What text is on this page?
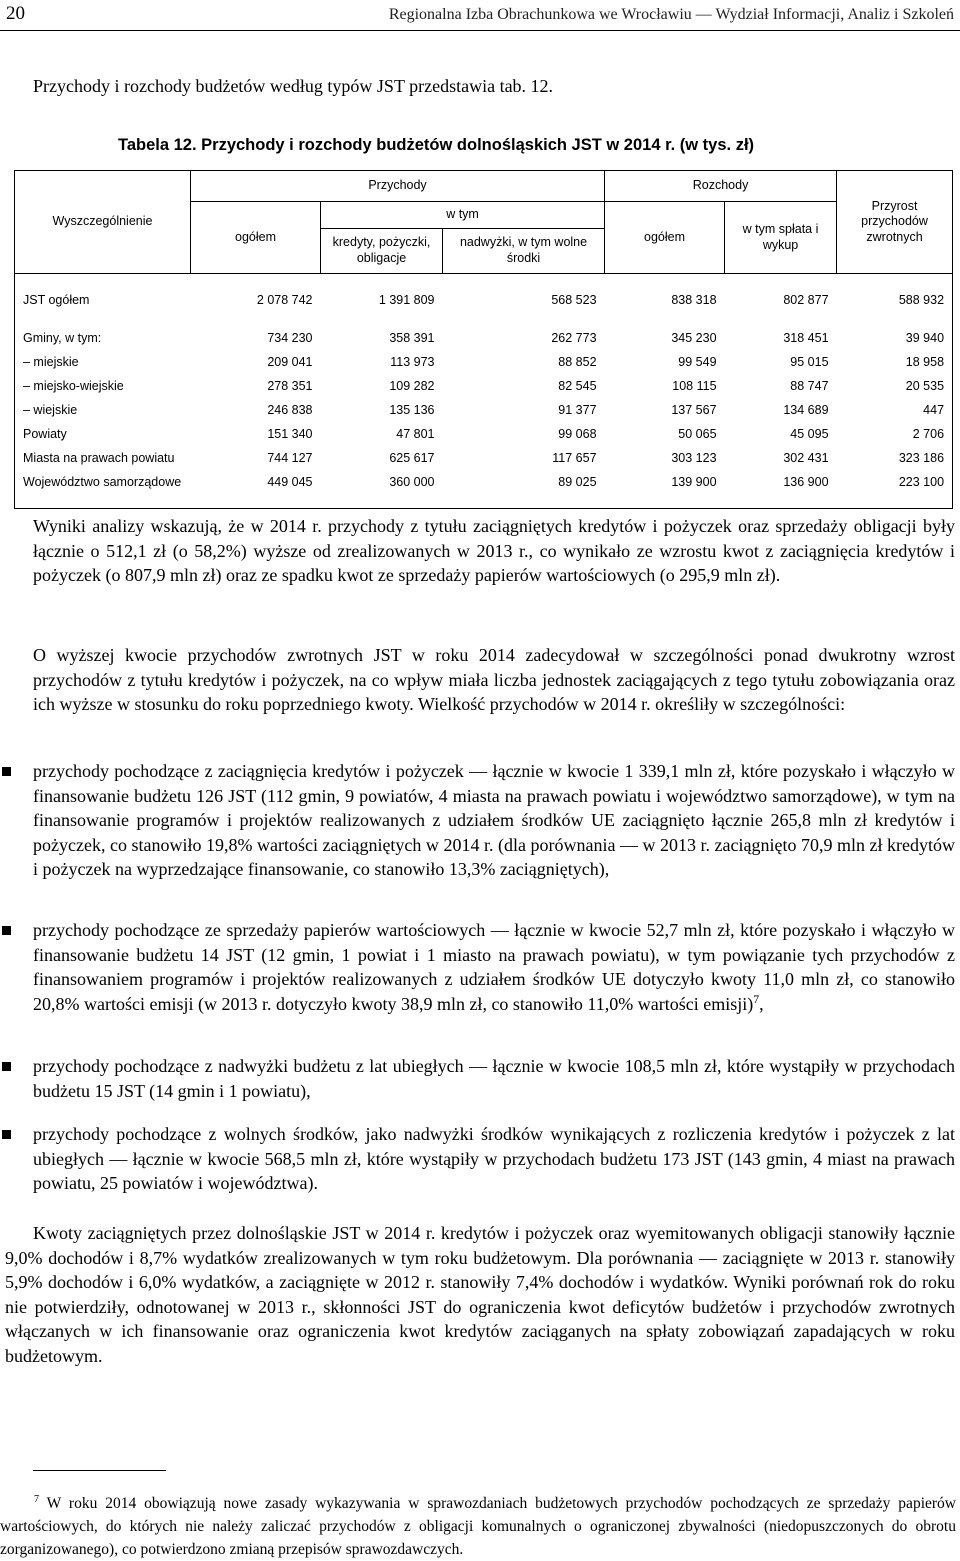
20	Regionalna Izba Obrachunkowa we Wrocławiu — Wydział Informacji, Analiz i Szkoleń
Przychody i rozchody budżetów według typów JST przedstawia tab. 12.
Tabela 12. Przychody i rozchody budżetów dolnośląskich JST w 2014 r. (w tys. zł)
Wyszczególnienie	Przychody			Rozchody		Przyrost przychodów zwrotnych
	ogółem	w tym		ogółem	w tym spłata i wykup	
		kredyty, pożyczki, obligacje	nadwyżki, w tym wolne środki			

JST ogółem	2 078 742	1 391 809	568 523	838 318	802 877	588 932

Gminy, w tym:	734 230	358 391	262 773	345 230	318 451	39 940
– miejskie	209 041	113 973	88 852	99 549	95 015	18 958
– miejsko-wiejskie	278 351	109 282	82 545	108 115	88 747	20 535
– wiejskie	246 838	135 136	91 377	137 567	134 689	447
Powiaty	151 340	47 801	99 068	50 065	45 095	2 706
Miasta na prawach powiatu	744 127	625 617	117 657	303 123	302 431	323 186
Województwo samorządowe	449 045	360 000	89 025	139 900	136 900	223 100

Wyniki analizy wskazują, że w 2014 r. przychody z tytułu zaciągniętych kredytów i pożyczek oraz sprzedaży obligacji były łącznie o 512,1 zł (o 58,2%) wyższe od zrealizowanych w 2013 r., co wynikało ze wzrostu kwot z zaciągnięcia kredytów i pożyczek (o 807,9 mln zł) oraz ze spadku kwot ze sprzedaży papierów wartościowych (o 295,9 mln zł).
O wyższej kwocie przychodów zwrotnych JST w roku 2014 zadecydował w szczególności ponad dwukrotny wzrost przychodów z tytułu kredytów i pożyczek, na co wpływ miała liczba jednostek zaciągających z tego tytułu zobowiązania oraz ich wyższe w stosunku do roku poprzedniego kwoty. Wielkość przychodów w 2014 r. określiły w szczególności:
przychody pochodzące z zaciągnięcia kredytów i pożyczek — łącznie w kwocie 1 339,1 mln zł, które pozyskało i włączyło w finansowanie budżetu 126 JST (112 gmin, 9 powiatów, 4 miasta na prawach powiatu i województwo samorządowe), w tym na finansowanie programów i projektów realizowanych z udziałem środków UE zaciągnięto łącznie 265,8 mln zł kredytów i pożyczek, co stanowiło 19,8% wartości zaciągniętych w 2014 r. (dla porównania — w 2013 r. zaciągnięto 70,9 mln zł kredytów i pożyczek na wyprzedzające finansowanie, co stanowiło 13,3% zaciągniętych),
przychody pochodzące ze sprzedaży papierów wartościowych — łącznie w kwocie 52,7 mln zł, które pozyskało i włączyło w finansowanie budżetu 14 JST (12 gmin, 1 powiat i 1 miasto na prawach powiatu), w tym powiązanie tych przychodów z finansowaniem programów i projektów realizowanych z udziałem środków UE dotyczyło kwoty 11,0 mln zł, co stanowiło 20,8% wartości emisji (w 2013 r. dotyczyło kwoty 38,9 mln zł, co stanowiło 11,0% wartości emisji)$^7$,
przychody pochodzące z nadwyżki budżetu z lat ubiegłych — łącznie w kwocie 108,5 mln zł, które wystąpiły w przychodach budżetu 15 JST (14 gmin i 1 powiatu),
przychody pochodzące z wolnych środków, jako nadwyżki środków wynikających z rozliczenia kredytów i pożyczek z lat ubiegłych — łącznie w kwocie 568,5 mln zł, które wystąpiły w przychodach budżetu 173 JST (143 gmin, 4 miast na prawach powiatu, 25 powiatów i województwa).
Kwoty zaciągniętych przez dolnośląskie JST w 2014 r. kredytów i pożyczek oraz wyemitowanych obligacji stanowiły łącznie 9,0% dochodów i 8,7% wydatków zrealizowanych w tym roku budżetowym. Dla porównania — zaciągnięte w 2013 r. stanowiły 5,9% dochodów i 6,0% wydatków, a zaciągnięte w 2012 r. stanowiły 7,4% dochodów i wydatków. Wyniki porównań rok do roku nie potwierdziły, odnotowanej w 2013 r., skłonności JST do ograniczenia kwot deficytów budżetów i przychodów zwrotnych włączanych w ich finansowanie oraz ograniczenia kwot kredytów zaciąganych na spłaty zobowiązań zapadających w roku budżetowym.
$^7$ W roku 2014 obowiązują nowe zasady wykazywania w sprawozdaniach budżetowych przychodów pochodzących ze sprzedaży papierów wartościowych, do których nie należy zaliczać przychodów z obligacji komunalnych o ograniczonej zbywalności (niedopuszczonych do obrotu zorganizowanego), co potwierdzono zmianą przepisów sprawozdawczych.
